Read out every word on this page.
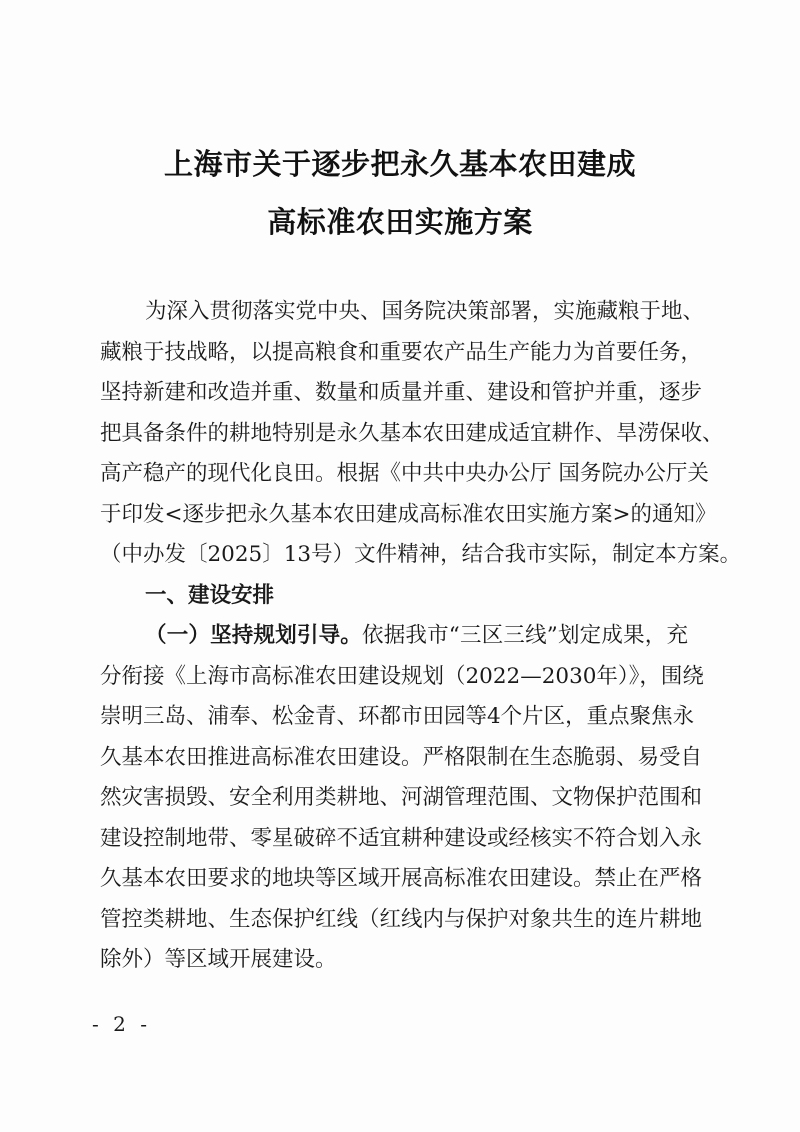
上海市关于逐步把永久基本农田建成
高标准农田实施方案
为深入贯彻落实党中央、国务院决策部署，实施藏粮于地、
藏粮于技战略，以提高粮食和重要农产品生产能力为首要任务，
坚持新建和改造并重、数量和质量并重、建设和管护并重，逐步
把具备条件的耕地特别是永久基本农田建成适宜耕作、旱涝保收、
高产稳产的现代化良田。根据《中共中央办公厅 国务院办公厅关
于印发<逐步把永久基本农田建成高标准农田实施方案>的通知》
（中办发〔2025〕13号）文件精神，结合我市实际，制定本方案。
一、建设安排
（一）坚持规划引导。依据我市“三区三线”划定成果，充
分衔接《上海市高标准农田建设规划（2022—2030年）》，围绕
崇明三岛、浦奉、松金青、环都市田园等4个片区，重点聚焦永
久基本农田推进高标准农田建设。严格限制在生态脆弱、易受自
然灾害损毁、安全利用类耕地、河湖管理范围、文物保护范围和
建设控制地带、零星破碎不适宜耕种建设或经核实不符合划入永
久基本农田要求的地块等区域开展高标准农田建设。禁止在严格
管控类耕地、生态保护红线（红线内与保护对象共生的连片耕地
除外）等区域开展建设。
- 2 -
